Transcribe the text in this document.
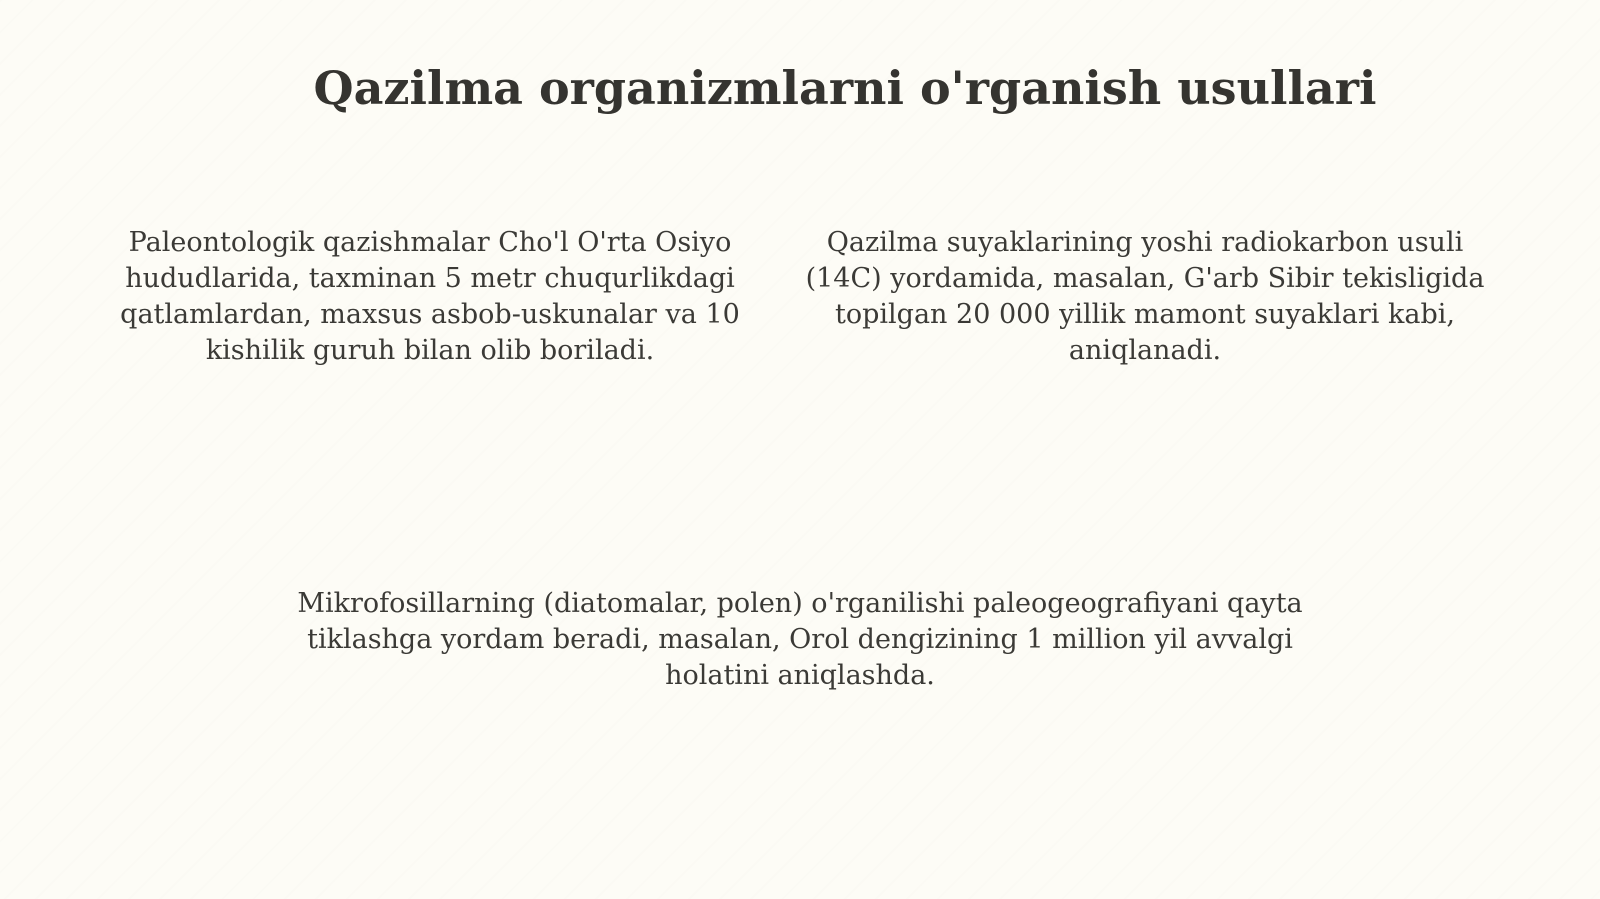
Qazilma organizmlarni o'rganish usullari

Paleontologik qazishmalar Cho'l O'rta Osiyo hududlarida, taxminan 5 metr chuqurlikdagi qatlamlardan, maxsus asbob-uskunalar va 10 kishilik guruh bilan olib boriladi.

Qazilma suyaklarining yoshi radiokarbon usuli (14C) yordamida, masalan, G'arb Sibir tekisligida topilgan 20 000 yillik mamont suyaklari kabi, aniqlanadi.

Mikrofosillarning (diatomalar, polen) o'rganilishi paleogeografiyani qayta tiklashga yordam beradi, masalan, Orol dengizining 1 million yil avvalgi holatini aniqlashda.
